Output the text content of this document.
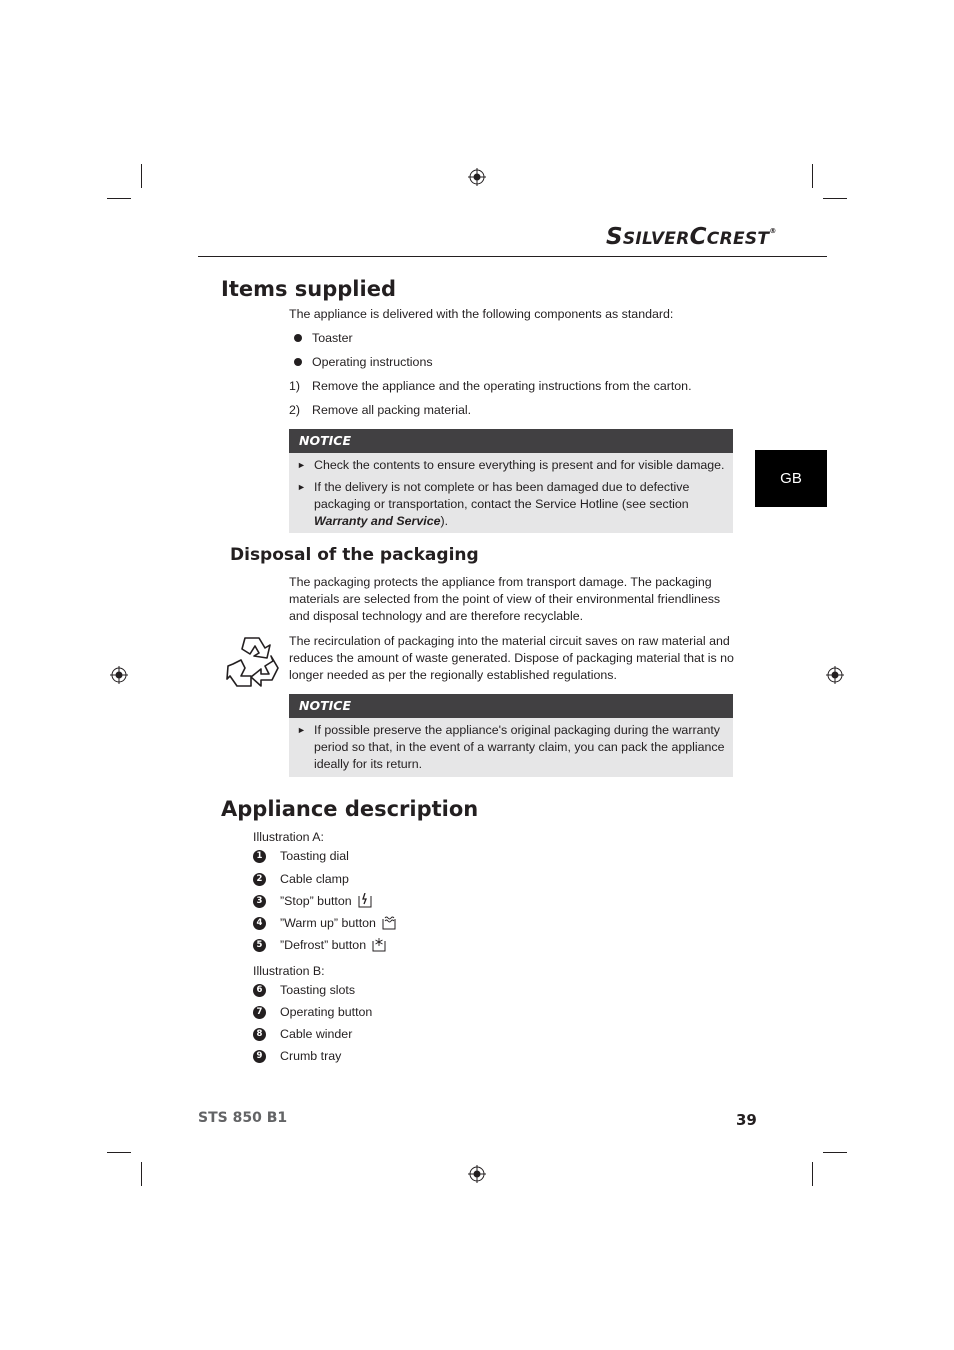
SSILVERCCREST®
GB
Items supplied
The appliance is delivered with the following components as standard:
Toaster
Operating instructions
1) Remove the appliance and the operating instructions from the carton.
2) Remove all packing material.
NOTICE
► Check the contents to ensure everything is present and for visible damage.
► If the delivery is not complete or has been damaged due to defective packaging or transportation, contact the Service Hotline (see section Warranty and Service).
Disposal of the packaging
The packaging protects the appliance from transport damage. The packaging materials are selected from the point of view of their environmental friendliness and disposal technology and are therefore recyclable.
The recirculation of packaging into the material circuit saves on raw material and reduces the amount of waste generated. Dispose of packaging material that is no longer needed as per the regionally established regulations.
NOTICE
► If possible preserve the appliance's original packaging during the warranty period so that, in the event of a warranty claim, you can pack the appliance ideally for its return.
Appliance description
Illustration A:
1 Toasting dial
2 Cable clamp
3 ”Stop” button
4 ”Warm up” button
5 ”Defrost” button
Illustration B:
6 Toasting slots
7 Operating button
8 Cable winder
9 Crumb tray
STS 850 B1	39
